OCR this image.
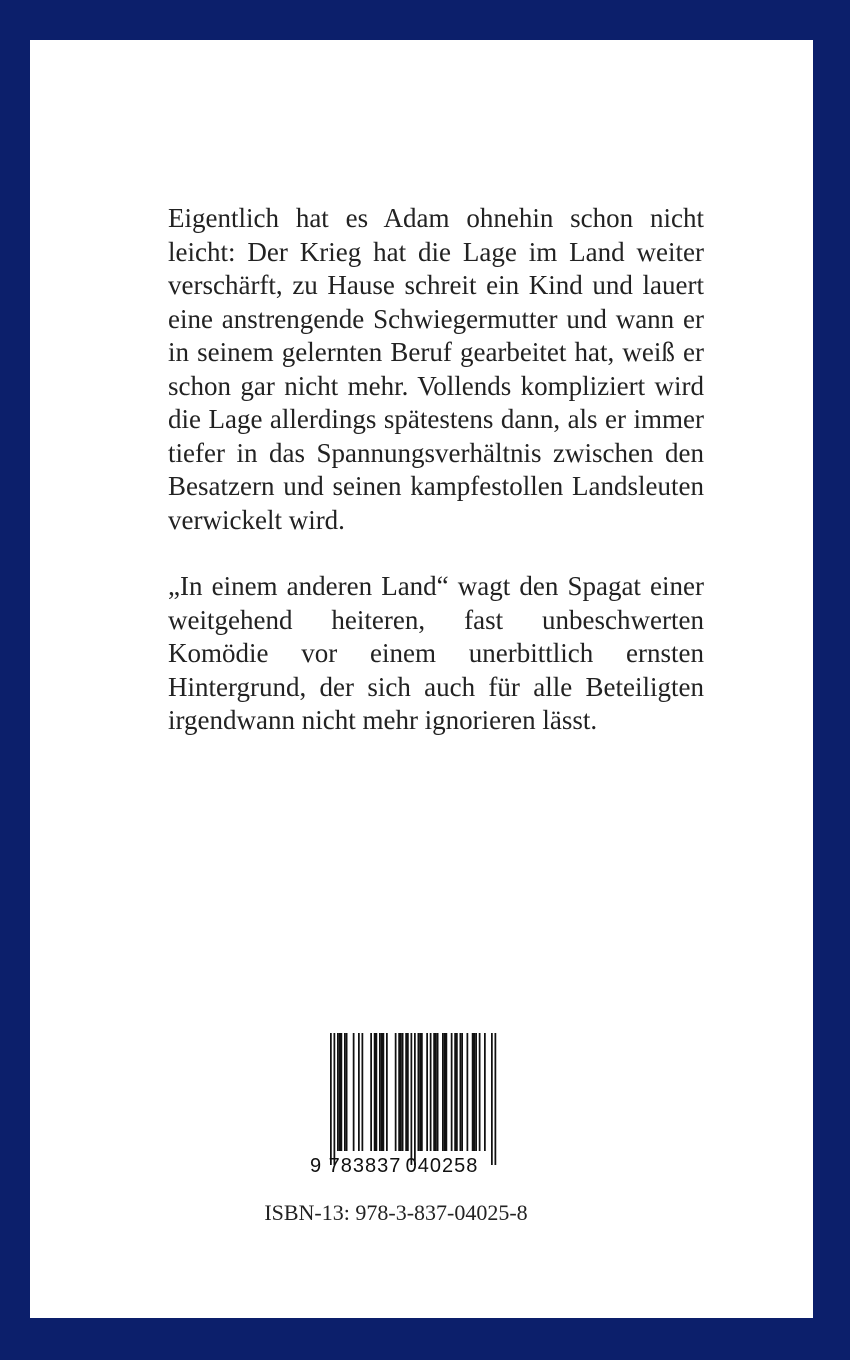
Eigentlich hat es Adam ohnehin schon nicht leicht: Der Krieg hat die Lage im Land weiter verschärft, zu Hause schreit ein Kind und lauert eine anstrengende Schwiegermutter und wann er in seinem gelernten Beruf gearbeitet hat, weiß er schon gar nicht mehr. Vollends kompliziert wird die Lage allerdings spätestens dann, als er immer tiefer in das Spannungsverhältnis zwischen den Besatzern und seinen kampfestollen Landsleuten verwickelt wird.

„In einem anderen Land“ wagt den Spagat einer weitgehend heiteren, fast unbeschwerten Komödie vor einem unerbittlich ernsten Hintergrund, der sich auch für alle Beteiligten irgendwann nicht mehr ignorieren lässt.

9 783837 040258
ISBN-13: 978-3-837-04025-8
